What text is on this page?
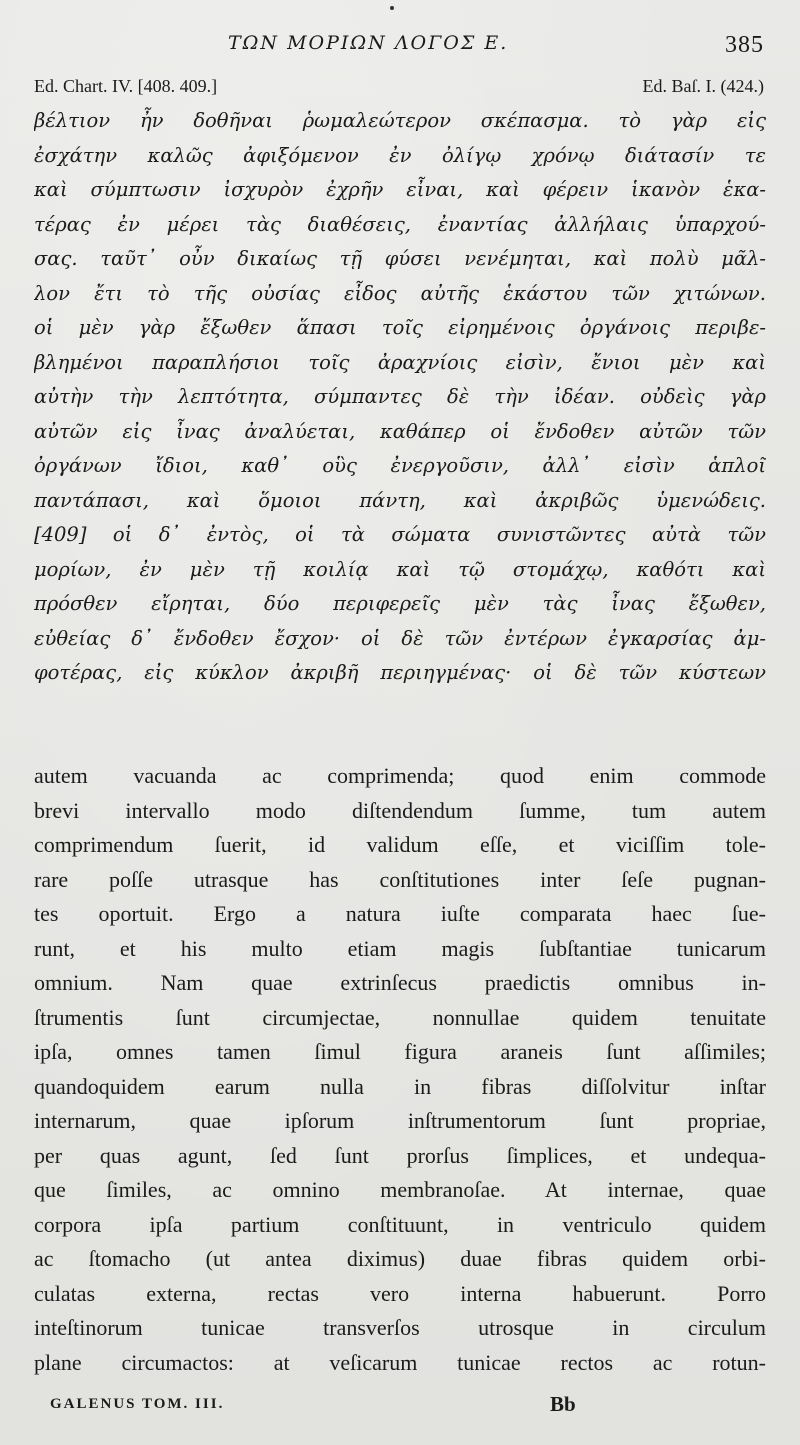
ΤΩΝ ΜΟΡΙΩΝ ΛΟΓΟΣ Ε.	385
Ed. Chart. IV. [408. 409.]	Ed. Baſ. I. (424.)
βέλτιον ἦν δοθῆναι ῥωμαλεώτερον σκέπασμα. τὸ γὰρ εἰς
ἐσχάτην καλῶς ἀφιξόμενον ἐν ὀλίγῳ χρόνῳ διάτασίν τε
καὶ σύμπτωσιν ἰσχυρὸν ἐχρῆν εἶναι, καὶ φέρειν ἱκανὸν ἑκα-
τέρας ἐν μέρει τὰς διαθέσεις, ἐναντίας ἀλλήλαις ὑπαρχού-
σας. ταῦτ᾽ οὖν δικαίως τῇ φύσει νενέμηται, καὶ πολὺ μᾶλ-
λον ἔτι τὸ τῆς οὐσίας εἶδος αὐτῆς ἑκάστου τῶν χιτώνων.
οἱ μὲν γὰρ ἔξωθεν ἅπασι τοῖς εἰρημένοις ὀργάνοις περιβε-
βλημένοι παραπλήσιοι τοῖς ἀραχνίοις εἰσὶν, ἔνιοι μὲν καὶ
αὐτὴν τὴν λεπτότητα, σύμπαντες δὲ τὴν ἰδέαν. οὐδεὶς γὰρ
αὐτῶν εἰς ἶνας ἀναλύεται, καθάπερ οἱ ἔνδοθεν αὐτῶν τῶν
ὀργάνων ἴδιοι, καθ᾽ οὓς ἐνεργοῦσιν, ἀλλ᾽ εἰσὶν ἁπλοῖ
παντάπασι, καὶ ὅμοιοι πάντη, καὶ ἀκριβῶς ὑμενώδεις.
[409] οἱ δ᾽ ἐντὸς, οἱ τὰ σώματα συνιστῶντες αὐτὰ τῶν
μορίων, ἐν μὲν τῇ κοιλίᾳ καὶ τῷ στομάχῳ, καθότι καὶ
πρόσθεν εἴρηται, δύο περιφερεῖς μὲν τὰς ἶνας ἔξωθεν,
εὐθείας δ᾽ ἔνδοθεν ἔσχον· οἱ δὲ τῶν ἐντέρων ἐγκαρσίας ἀμ-
φοτέρας, εἰς κύκλον ἀκριβῆ περιηγμένας· οἱ δὲ τῶν κύστεων
autem vacuanda ac comprimenda; quod enim commode
brevi intervallo modo diſtendendum ſumme, tum autem
comprimendum ſuerit, id validum eſſe, et viciſſim tole-
rare poſſe utrasque has conſtitutiones inter ſeſe pugnan-
tes oportuit. Ergo a natura iuſte comparata haec ſue-
runt, et his multo etiam magis ſubſtantiae tunicarum
omnium. Nam quae extrinſecus praedictis omnibus in-
ſtrumentis ſunt circumjectae, nonnullae quidem tenuitate
ipſa, omnes tamen ſimul figura araneis ſunt aſſimiles;
quandoquidem earum nulla in fibras diſſolvitur inſtar
internarum, quae ipſorum inſtrumentorum ſunt propriae,
per quas agunt, ſed ſunt prorſus ſimplices, et undequa-
que ſimiles, ac omnino membranoſae. At internae, quae
corpora ipſa partium conſtituunt, in ventriculo quidem
ac ſtomacho (ut antea diximus) duae fibras quidem orbi-
culatas externa, rectas vero interna habuerunt. Porro
inteſtinorum tunicae transverſos utrosque in circulum
plane circumactos: at veſicarum tunicae rectos ac rotun-
GALENUS TOM. III.	Bb
